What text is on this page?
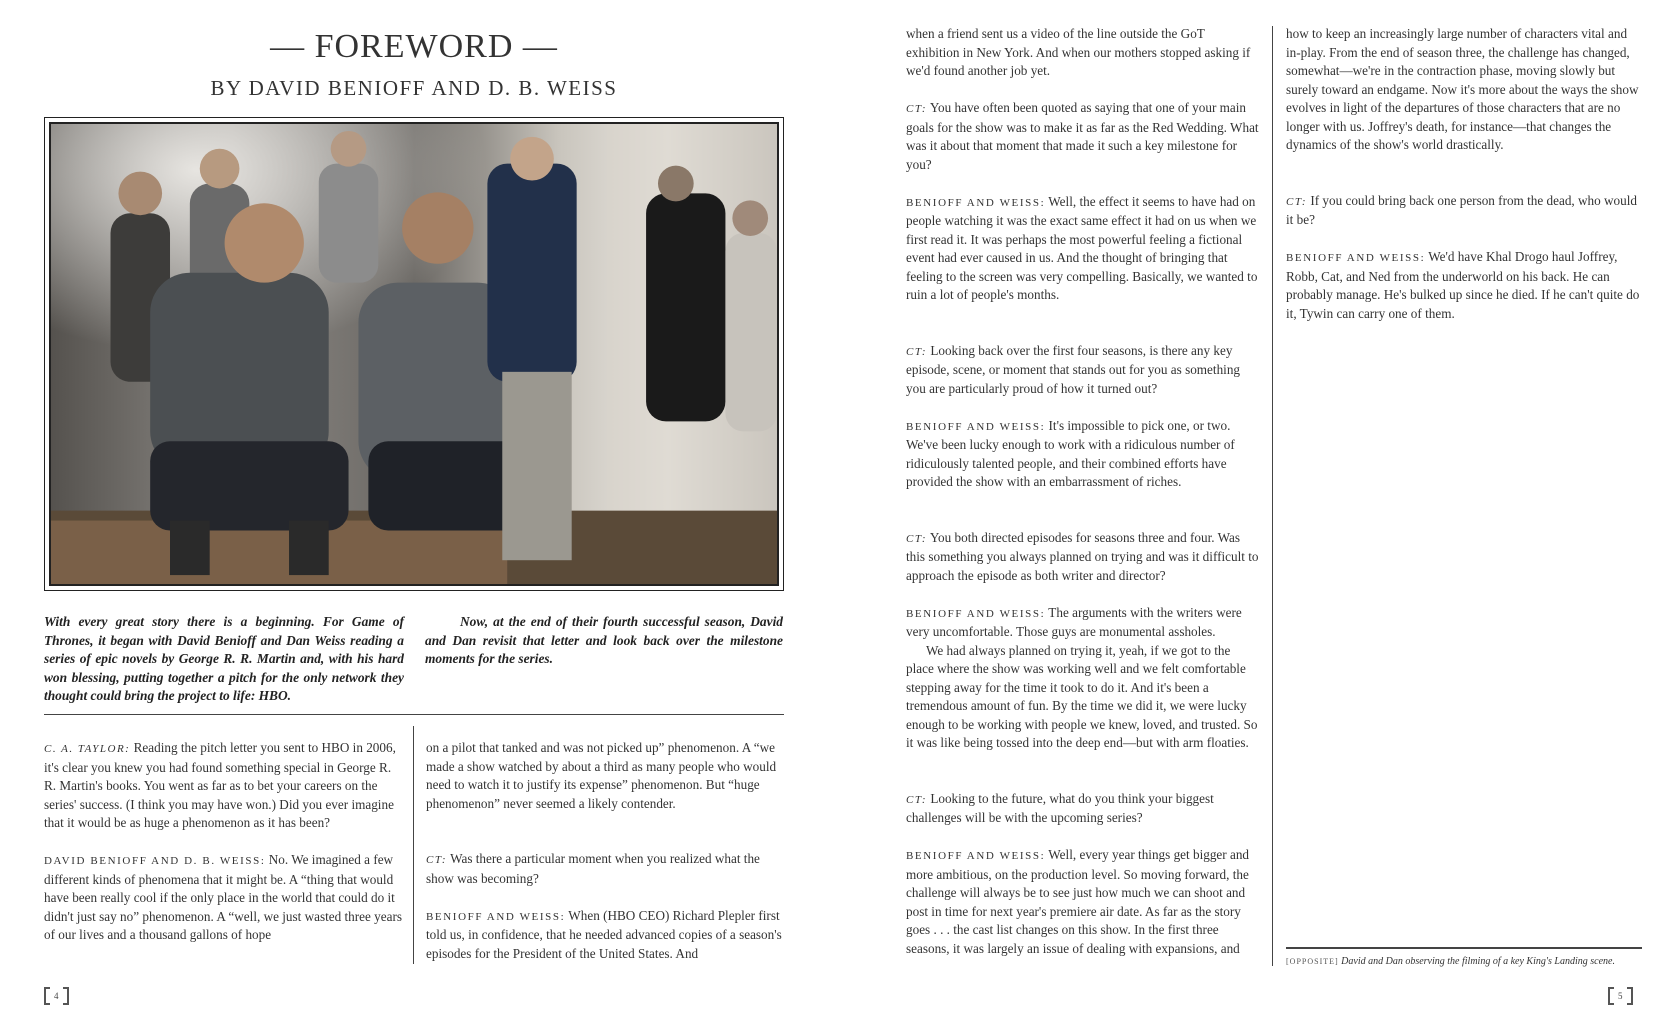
— FOREWORD —
BY DAVID BENIOFF AND D. B. WEISS
With every great story there is a beginning. For Game of Thrones, it began with David Benioff and Dan Weiss reading a series of epic novels by George R. R. Martin and, with his hard won blessing, putting together a pitch for the only network they thought could bring the project to life: HBO.
Now, at the end of their fourth successful season, David and Dan revisit that letter and look back over the milestone moments for the series.

C. A. TAYLOR: Reading the pitch letter you sent to HBO in 2006, it's clear you knew you had found something special in George R. R. Martin's books. You went as far as to bet your careers on the series' success. (I think you may have won.) Did you ever imagine that it would be as huge a phenomenon as it has been?

DAVID BENIOFF AND D. B. WEISS: No. We imagined a few different kinds of phenomena that it might be. A “thing that would have been really cool if the only place in the world that could do it didn't just say no” phenomenon. A “well, we just wasted three years of our lives and a thousand gallons of hope

on a pilot that tanked and was not picked up” phenomenon. A “we made a show watched by about a third as many people who would need to watch it to justify its expense” phenomenon. But “huge phenomenon” never seemed a likely contender.

CT: Was there a particular moment when you realized what the show was becoming?

BENIOFF AND WEISS: When (HBO CEO) Richard Plepler first told us, in confidence, that he needed advanced copies of a season's episodes for the President of the United States. And

4

when a friend sent us a video of the line outside the GoT exhibition in New York. And when our mothers stopped asking if we'd found another job yet.

CT: You have often been quoted as saying that one of your main goals for the show was to make it as far as the Red Wedding. What was it about that moment that made it such a key milestone for you?

BENIOFF AND WEISS: Well, the effect it seems to have had on people watching it was the exact same effect it had on us when we first read it. It was perhaps the most powerful feeling a fictional event had ever caused in us. And the thought of bringing that feeling to the screen was very compelling. Basically, we wanted to ruin a lot of people's months.

CT: Looking back over the first four seasons, is there any key episode, scene, or moment that stands out for you as something you are particularly proud of how it turned out?

BENIOFF AND WEISS: It's impossible to pick one, or two. We've been lucky enough to work with a ridiculous number of ridiculously talented people, and their combined efforts have provided the show with an embarrassment of riches.

CT: You both directed episodes for seasons three and four. Was this something you always planned on trying and was it difficult to approach the episode as both writer and director?

BENIOFF AND WEISS: The arguments with the writers were very uncomfortable. Those guys are monumental assholes.

We had always planned on trying it, yeah, if we got to the place where the show was working well and we felt comfortable stepping away for the time it took to do it. And it's been a tremendous amount of fun. By the time we did it, we were lucky enough to be working with people we knew, loved, and trusted. So it was like being tossed into the deep end—but with arm floaties.

CT: Looking to the future, what do you think your biggest challenges will be with the upcoming series?

BENIOFF AND WEISS: Well, every year things get bigger and more ambitious, on the production level. So moving forward, the challenge will always be to see just how much we can shoot and post in time for next year's premiere air date. As far as the story goes . . . the cast list changes on this show. In the first three seasons, it was largely an issue of dealing with expansions, and

how to keep an increasingly large number of characters vital and in-play. From the end of season three, the challenge has changed, somewhat—we're in the contraction phase, moving slowly but surely toward an endgame. Now it's more about the ways the show evolves in light of the departures of those characters that are no longer with us. Joffrey's death, for instance—that changes the dynamics of the show's world drastically.

CT: If you could bring back one person from the dead, who would it be?

BENIOFF AND WEISS: We'd have Khal Drogo haul Joffrey, Robb, Cat, and Ned from the underworld on his back. He can probably manage. He's bulked up since he died. If he can't quite do it, Tywin can carry one of them.

[OPPOSITE] David and Dan observing the filming of a key King's Landing scene.
5
